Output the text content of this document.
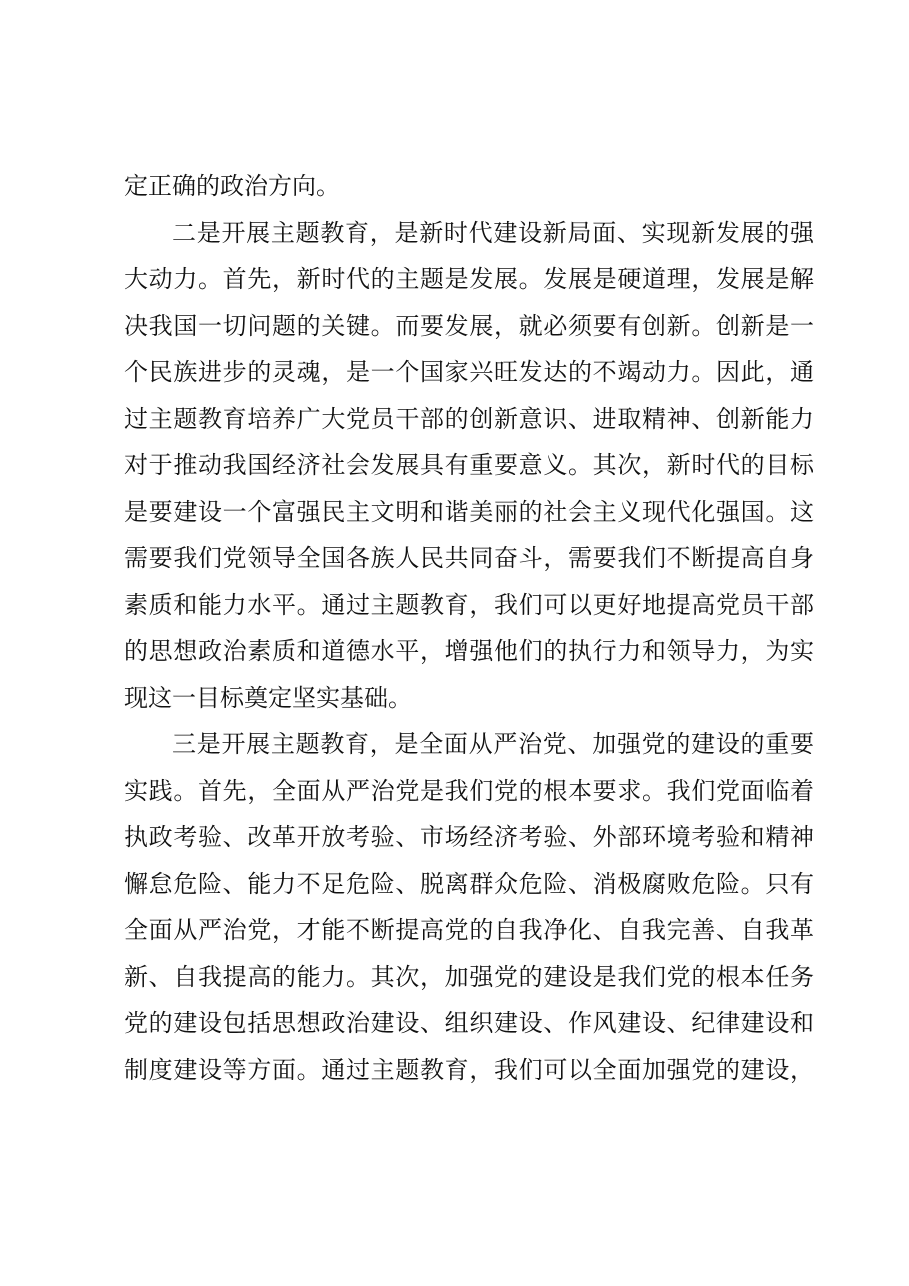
定正确的政治方向。
二是开展主题教育，是新时代建设新局面、实现新发展的强
大动力。首先，新时代的主题是发展。发展是硬道理，发展是解
决我国一切问题的关键。而要发展，就必须要有创新。创新是一
个民族进步的灵魂，是一个国家兴旺发达的不竭动力。因此，通
过主题教育培养广大党员干部的创新意识、进取精神、创新能力
对于推动我国经济社会发展具有重要意义。其次，新时代的目标
是要建设一个富强民主文明和谐美丽的社会主义现代化强国。这
需要我们党领导全国各族人民共同奋斗，需要我们不断提高自身
素质和能力水平。通过主题教育，我们可以更好地提高党员干部
的思想政治素质和道德水平，增强他们的执行力和领导力，为实
现这一目标奠定坚实基础。
三是开展主题教育，是全面从严治党、加强党的建设的重要
实践。首先，全面从严治党是我们党的根本要求。我们党面临着
执政考验、改革开放考验、市场经济考验、外部环境考验和精神
懈怠危险、能力不足危险、脱离群众危险、消极腐败危险。只有
全面从严治党，才能不断提高党的自我净化、自我完善、自我革
新、自我提高的能力。其次，加强党的建设是我们党的根本任务
党的建设包括思想政治建设、组织建设、作风建设、纪律建设和
制度建设等方面。通过主题教育，我们可以全面加强党的建设，
